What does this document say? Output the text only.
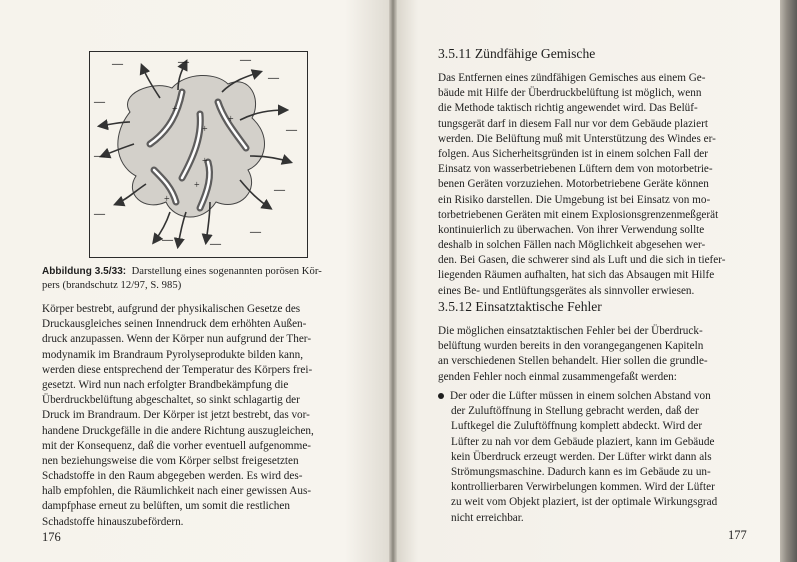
+
+
+
+
+
+
—	—
—
—
—
—
—
—
—
—
—
—
Abbildung 3.5/33: Darstellung eines sogenannten porösen Kör-
pers (brandschutz 12/97, S. 985)
Körper bestrebt, aufgrund der physikalischen Gesetze des
Druckausgleiches seinen Innendruck dem erhöhten Außen-
druck anzupassen. Wenn der Körper nun aufgrund der Ther-
modynamik im Brandraum Pyrolyseprodukte bilden kann,
werden diese entsprechend der Temperatur des Körpers frei-
gesetzt. Wird nun nach erfolgter Brandbekämpfung die
Überdruckbelüftung abgeschaltet, so sinkt schlagartig der
Druck im Brandraum. Der Körper ist jetzt bestrebt, das vor-
handene Druckgefälle in die andere Richtung auszugleichen,
mit der Konsequenz, daß die vorher eventuell aufgenomme-
nen beziehungsweise die vom Körper selbst freigesetzten
Schadstoffe in den Raum abgegeben werden. Es wird des-
halb empfohlen, die Räumlichkeit nach einer gewissen Aus-
dampfphase erneut zu belüften, um somit die restlichen
Schadstoffe hinauszubefördern.
176
3.5.11 Zündfähige Gemische
Das Entfernen eines zündfähigen Gemisches aus einem Ge-
bäude mit Hilfe der Überdruckbelüftung ist möglich, wenn
die Methode taktisch richtig angewendet wird. Das Belüf-
tungsgerät darf in diesem Fall nur vor dem Gebäude plaziert
werden. Die Belüftung muß mit Unterstützung des Windes er-
folgen. Aus Sicherheitsgründen ist in einem solchen Fall der
Einsatz von wasserbetriebenen Lüftern dem von motorbetrie-
benen Geräten vorzuziehen. Motorbetriebene Geräte können
ein Risiko darstellen. Die Umgebung ist bei Einsatz von mo-
torbetriebenen Geräten mit einem Explosionsgrenzenmeßgerät
kontinuierlich zu überwachen. Von ihrer Verwendung sollte
deshalb in solchen Fällen nach Möglichkeit abgesehen wer-
den. Bei Gasen, die schwerer sind als Luft und die sich in tiefer-
liegenden Räumen aufhalten, hat sich das Absaugen mit Hilfe
eines Be- und Entlüftungsgerätes als sinnvoller erwiesen.
3.5.12 Einsatztaktische Fehler
Die möglichen einsatztaktischen Fehler bei der Überdruck-
belüftung wurden bereits in den vorangegangenen Kapiteln
an verschiedenen Stellen behandelt. Hier sollen die grundle-
genden Fehler noch einmal zusammengefaßt werden:
Der oder die Lüfter müssen in einem solchen Abstand von
der Zuluftöffnung in Stellung gebracht werden, daß der
Luftkegel die Zuluftöffnung komplett abdeckt. Wird der
Lüfter zu nah vor dem Gebäude plaziert, kann im Gebäude
kein Überdruck erzeugt werden. Der Lüfter wirkt dann als
Strömungsmaschine. Dadurch kann es im Gebäude zu un-
kontrollierbaren Verwirbelungen kommen. Wird der Lüfter
zu weit vom Objekt plaziert, ist der optimale Wirkungsgrad
nicht erreichbar.
177
